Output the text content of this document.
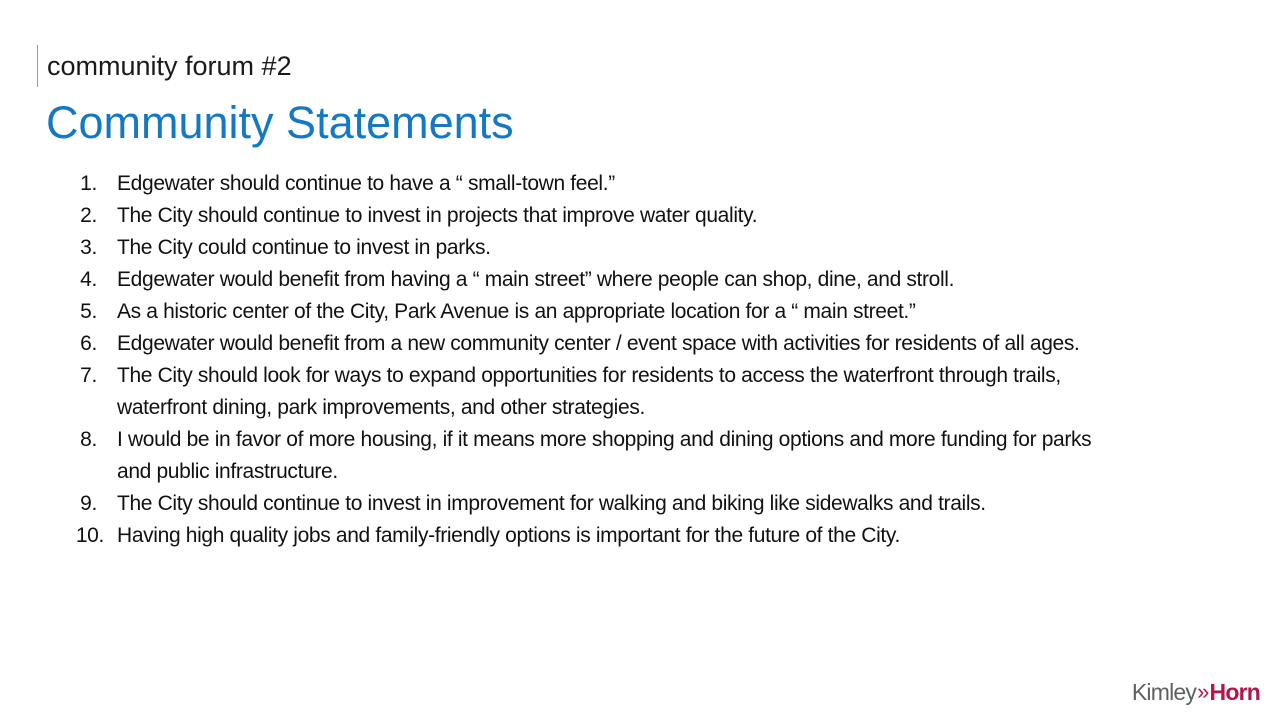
community forum #2
Community Statements
1. Edgewater should continue to have a “ small-town feel.”
2. The City should continue to invest in projects that improve water quality.
3. The City could continue to invest in parks.
4. Edgewater would benefit from having a “ main street” where people can shop, dine, and stroll.
5. As a historic center of the City, Park Avenue is an appropriate location for a “ main street.”
6. Edgewater would benefit from a new community center / event space with activities for residents of all ages.
7. The City should look for ways to expand opportunities for residents to access the waterfront through trails, waterfront dining, park improvements, and other strategies.
8. I would be in favor of more housing, if it means more shopping and dining options and more funding for parks and public infrastructure.
9. The City should continue to invest in improvement for walking and biking like sidewalks and trails.
10. Having high quality jobs and family-friendly options is important for the future of the City.
Kimley » Horn
